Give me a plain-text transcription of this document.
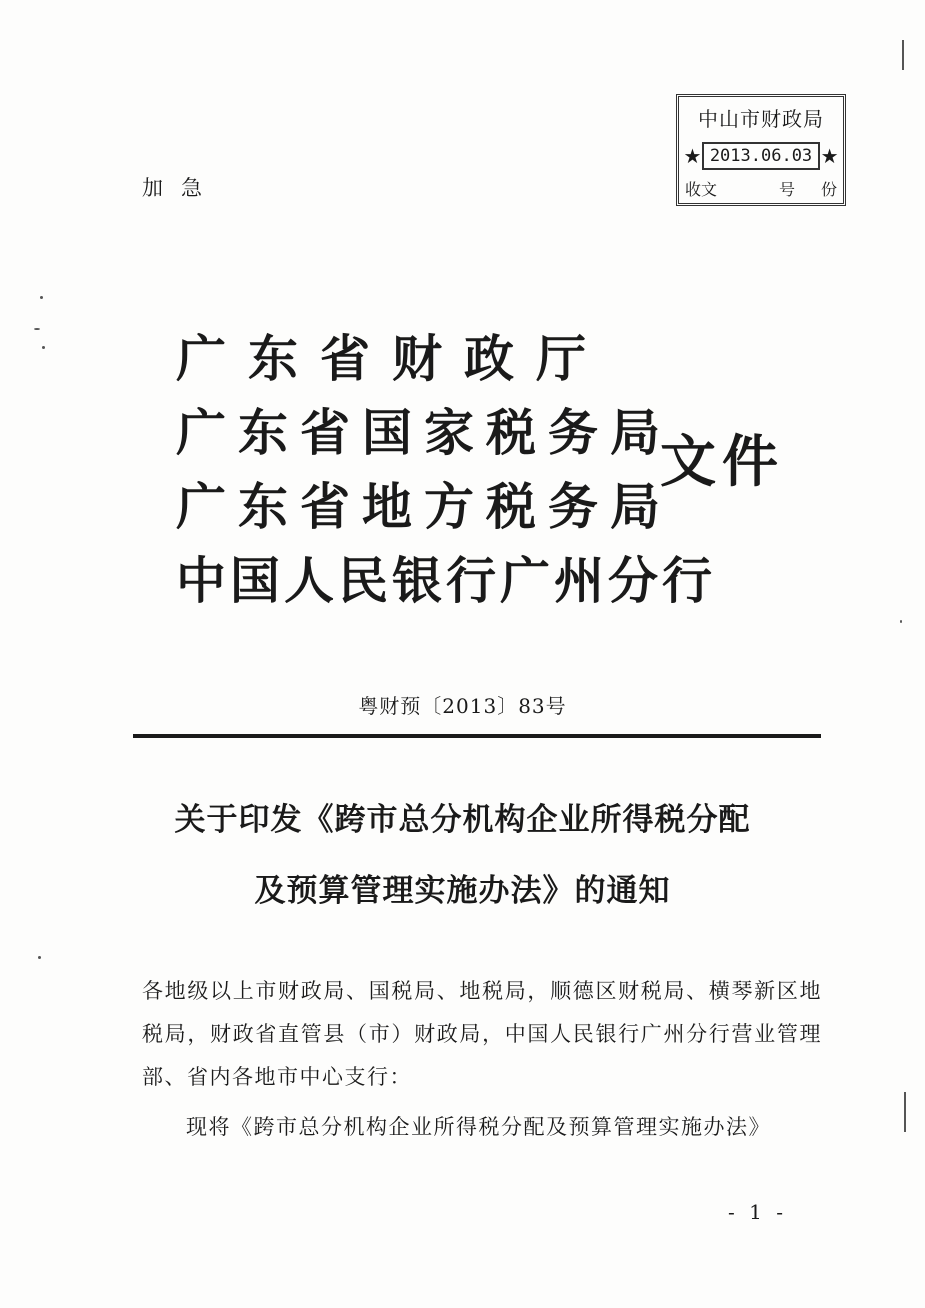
加急
中山市财政局
★ 2013.06.03 ★
收文	号 份
广东省财政厅
广东省国家税务局
广东省地方税务局
中国人民银行广州分行
文件
粤财预〔2013〕83号
关于印发《跨市总分机构企业所得税分配
及预算管理实施办法》的通知
各地级以上市财政局、国税局、地税局，顺德区财税局、横琴新区地税局，财政省直管县（市）财政局，中国人民银行广州分行营业管理部、省内各地市中心支行：
现将《跨市总分机构企业所得税分配及预算管理实施办法》
- 1 -
